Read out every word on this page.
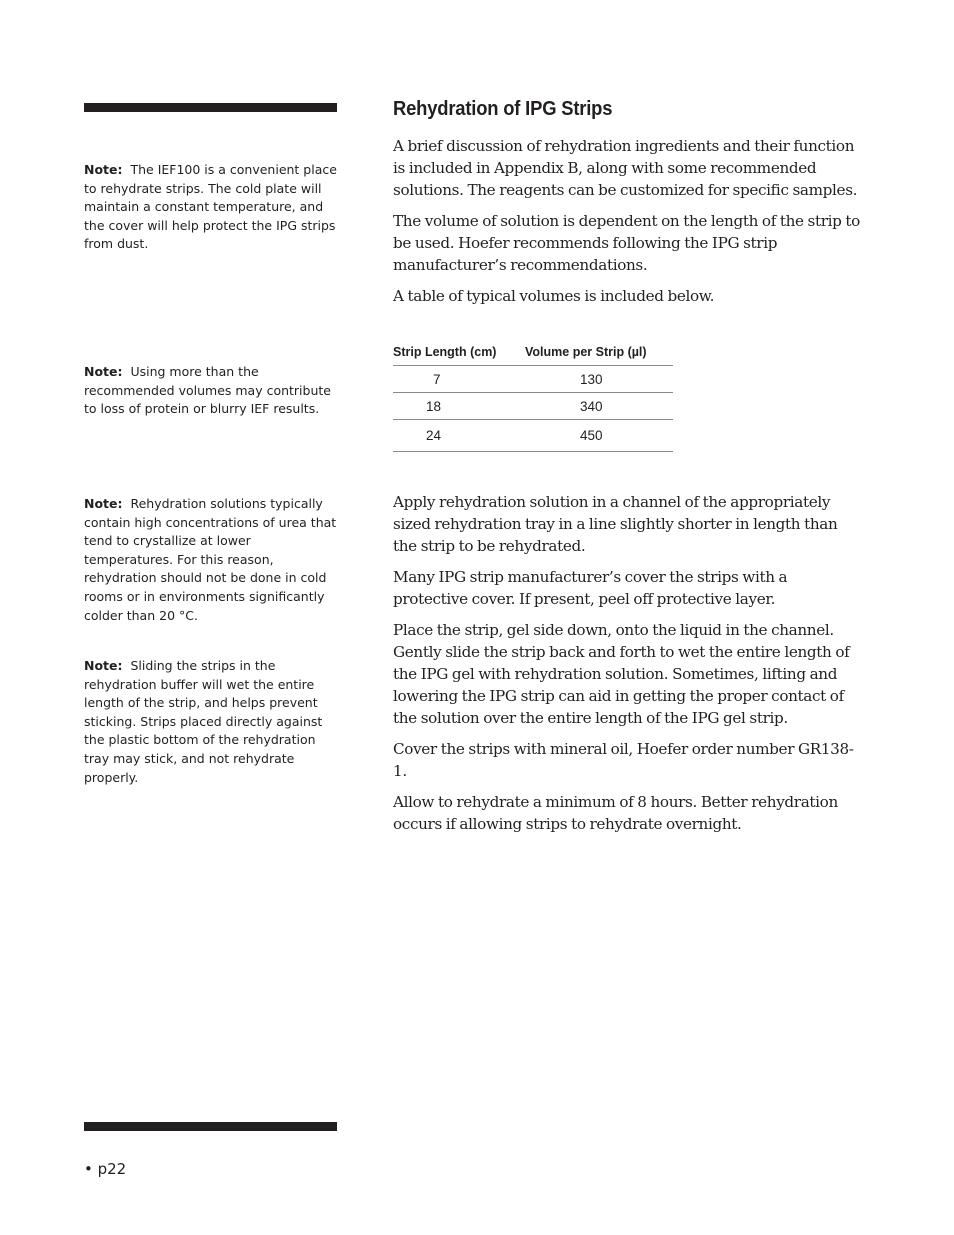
Note: The IEF100 is a convenient place to rehydrate strips. The cold plate will maintain a constant temperature, and the cover will help protect the IPG strips from dust.
Note: Using more than the recommended volumes may contribute to loss of protein or blurry IEF results.
Note: Rehydration solutions typically contain high concentrations of urea that tend to crystallize at lower temperatures. For this reason, rehydration should not be done in cold rooms or in environments significantly colder than 20 °C.
Note: Sliding the strips in the rehydration buffer will wet the entire length of the strip, and helps prevent sticking. Strips placed directly against the plastic bottom of the rehydration tray may stick, and not rehydrate properly.
Rehydration of IPG Strips

A brief discussion of rehydration ingredients and their function is included in Appendix B, along with some recommended solutions. The reagents can be customized for specific samples.

The volume of solution is dependent on the length of the strip to be used. Hoefer recommends following the IPG strip manufacturer’s recommendations.

A table of typical volumes is included below.

Strip Length (cm)	Volume per Strip (µl)
7	130
18	340
24	450

Apply rehydration solution in a channel of the appropriately sized rehydration tray in a line slightly shorter in length than the strip to be rehydrated.

Many IPG strip manufacturer’s cover the strips with a protective cover. If present, peel off protective layer.

Place the strip, gel side down, onto the liquid in the channel. Gently slide the strip back and forth to wet the entire length of the IPG gel with rehydration solution. Sometimes, lifting and lowering the IPG strip can aid in getting the proper contact of the solution over the entire length of the IPG gel strip.

Cover the strips with mineral oil, Hoefer order number GR138-1.

Allow to rehydrate a minimum of 8 hours. Better rehydration occurs if allowing strips to rehydrate overnight.

• p22
